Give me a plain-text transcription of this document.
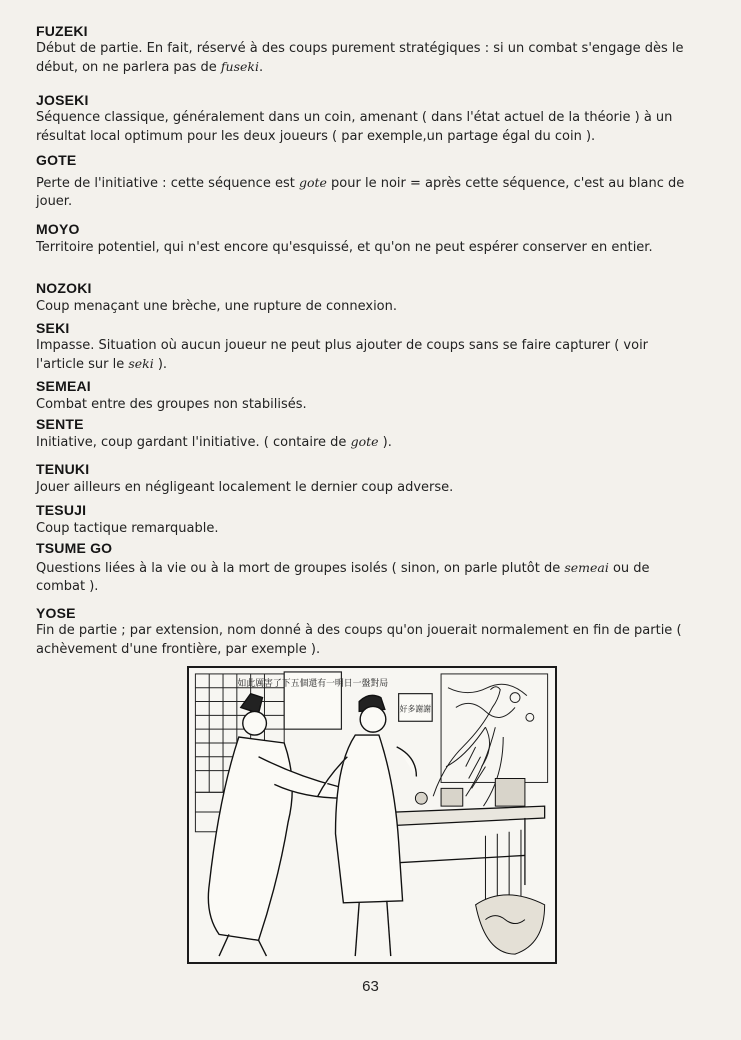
FUZEKI
Début de partie. En fait, réservé à des coups purement stratégiques : si un combat s'engage dès le début, on ne parlera pas de fuseki.
JOSEKI
Séquence classique, généralement dans un coin, amenant ( dans l'état actuel de la théorie ) à un résultat local optimum pour les deux joueurs ( par exemple,un partage égal du coin ).
GOTE
Perte de l'initiative : cette séquence est gote pour le noir = après cette séquence, c'est au blanc de jouer.
MOYO
Territoire potentiel, qui n'est encore qu'esquissé, et qu'on ne peut espérer conserver en entier.
NOZOKI
Coup menaçant une brèche, une rupture de connexion.
SEKI
Impasse. Situation où aucun joueur ne peut plus ajouter de coups sans se faire capturer ( voir l'article sur le seki ).
SEMEAI
Combat entre des groupes non stabilisés.
SENTE
Initiative, coup gardant l'initiative. ( contaire de gote ).
TENUKI
Jouer ailleurs en négligeant localement le dernier coup adverse.
TESUJI
Coup tactique remarquable.
TSUME GO
Questions liées à la vie ou à la mort de groupes isolés ( sinon, on parle plutôt de semeai ou de combat ).
YOSE
Fin de partie ; par extension, nom donné à des coups qu'on jouerait normalement en fin de partie ( achèvement d'une frontière, par exemple ).
如此厲害了下五個還有一明日一盤對局
好多謝謝
63
